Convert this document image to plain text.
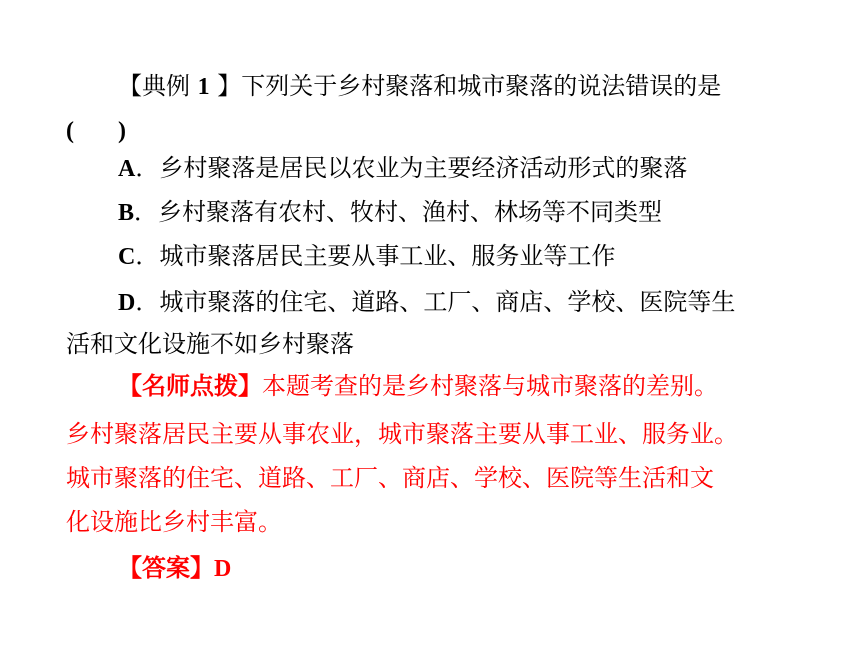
【典例 1 】下列关于乡村聚落和城市聚落的说法错误的是
( )
A．乡村聚落是居民以农业为主要经济活动形式的聚落
B．乡村聚落有农村、牧村、渔村、林场等不同类型
C．城市聚落居民主要从事工业、服务业等工作
D．城市聚落的住宅、道路、工厂、商店、学校、医院等生
活和文化设施不如乡村聚落
【名师点拨】本题考查的是乡村聚落与城市聚落的差别。
乡村聚落居民主要从事农业，城市聚落主要从事工业、服务业。
城市聚落的住宅、道路、工厂、商店、学校、医院等生活和文
化设施比乡村丰富。
【答案】D
